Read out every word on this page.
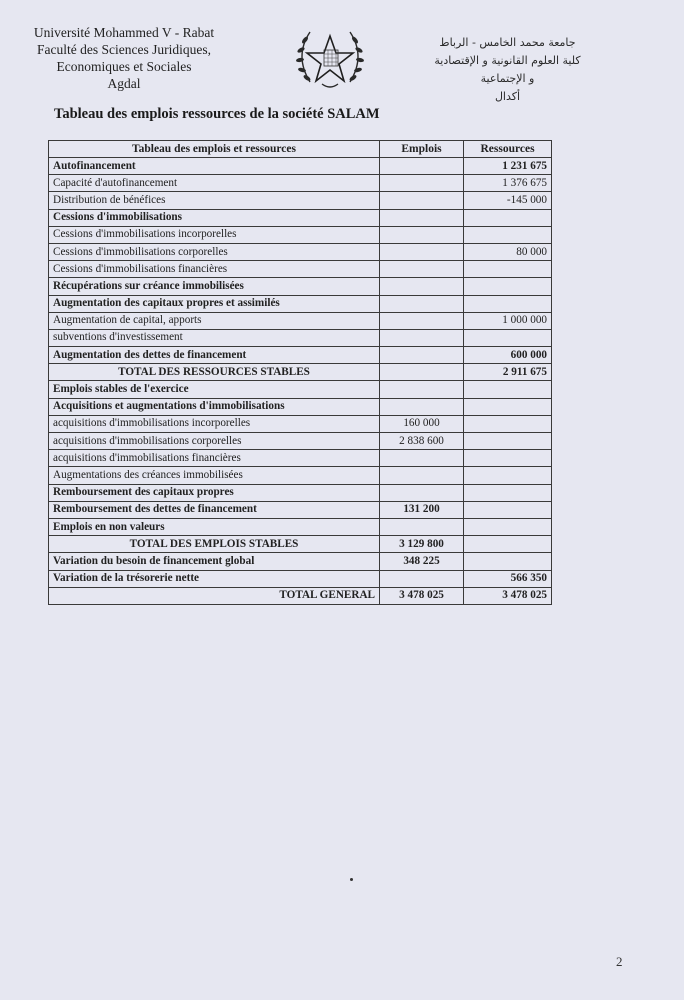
Université Mohammed V - Rabat
Faculté des Sciences Juridiques,
Economiques et Sociales
Agdal
جامعة محمد الخامس - الرباط
كلية العلوم القانونية و الإقتصادية
و الإجتماعية
أكدال
Tableau des emplois ressources de la société SALAM
Tableau des emplois et ressources	Emplois	Ressources
Autofinancement		1 231 675
Capacité d'autofinancement		1 376 675
Distribution de bénéfices		-145 000
Cessions d'immobilisations		
Cessions d'immobilisations incorporelles		
Cessions d'immobilisations corporelles		80 000
Cessions d'immobilisations financières		
Récupérations sur créance immobilisées		
Augmentation des capitaux propres et assimilés		
Augmentation de capital, apports		1 000 000
subventions d'investissement		
Augmentation des dettes de financement		600 000
TOTAL DES RESSOURCES STABLES		2 911 675
Emplois stables de l'exercice		
Acquisitions et augmentations d'immobilisations		
acquisitions d'immobilisations incorporelles	160 000	
acquisitions d'immobilisations corporelles	2 838 600	
acquisitions d'immobilisations financières		
Augmentations des créances immobilisées		
Remboursement des capitaux propres		
Remboursement des dettes de financement	131 200	
Emplois en non valeurs		
TOTAL DES EMPLOIS STABLES	3 129 800	
Variation du besoin de financement global	348 225	
Variation de la trésorerie nette		566 350
TOTAL GENERAL	3 478 025	3 478 025
2
